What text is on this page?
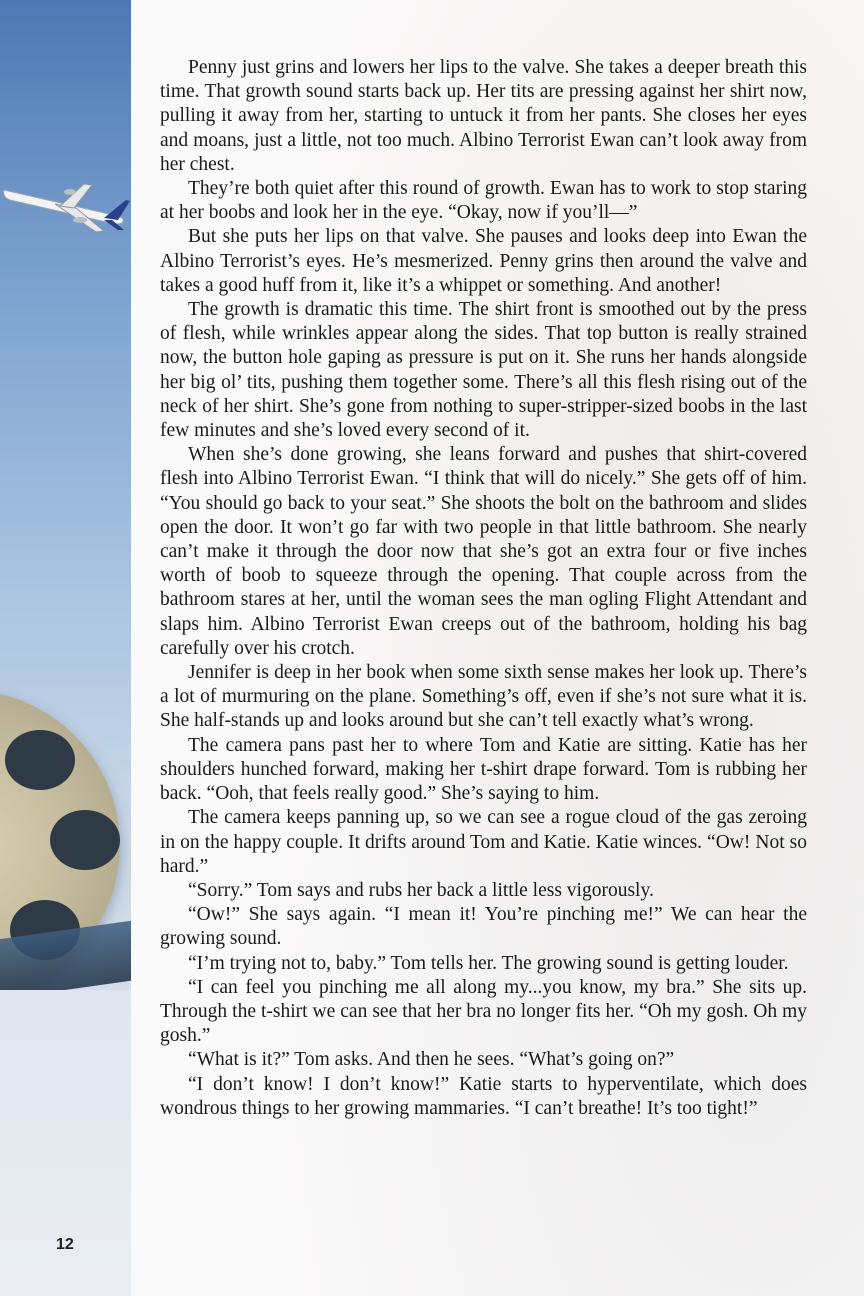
Penny just grins and lowers her lips to the valve. She takes a deeper breath this time. That growth sound starts back up. Her tits are pressing against her shirt now, pulling it away from her, starting to untuck it from her pants. She closes her eyes and moans, just a little, not too much. Albino Terrorist Ewan can’t look away from her chest.

They’re both quiet after this round of growth. Ewan has to work to stop staring at her boobs and look her in the eye. “Okay, now if you’ll—”

But she puts her lips on that valve. She pauses and looks deep into Ewan the Albino Terrorist’s eyes. He’s mesmerized. Penny grins then around the valve and takes a good huff from it, like it’s a whippet or something. And another!

The growth is dramatic this time. The shirt front is smoothed out by the press of flesh, while wrinkles appear along the sides. That top button is really strained now, the button hole gaping as pressure is put on it. She runs her hands alongside her big ol’ tits, pushing them together some. There’s all this flesh rising out of the neck of her shirt. She’s gone from nothing to super-stripper-sized boobs in the last few minutes and she’s loved every second of it.

When she’s done growing, she leans forward and pushes that shirt-covered flesh into Albino Terrorist Ewan. “I think that will do nicely.” She gets off of him. “You should go back to your seat.” She shoots the bolt on the bathroom and slides open the door. It won’t go far with two people in that little bathroom. She nearly can’t make it through the door now that she’s got an extra four or five inches worth of boob to squeeze through the opening. That couple across from the bathroom stares at her, until the woman sees the man ogling Flight Attendant and slaps him. Albino Terrorist Ewan creeps out of the bathroom, holding his bag carefully over his crotch.

Jennifer is deep in her book when some sixth sense makes her look up. There’s a lot of murmuring on the plane. Something’s off, even if she’s not sure what it is. She half-stands up and looks around but she can’t tell exactly what’s wrong.

The camera pans past her to where Tom and Katie are sitting. Katie has her shoulders hunched forward, making her t-shirt drape forward. Tom is rubbing her back. “Ooh, that feels really good.” She’s saying to him.

The camera keeps panning up, so we can see a rogue cloud of the gas zeroing in on the happy couple. It drifts around Tom and Katie. Katie winces. “Ow! Not so hard.”

“Sorry.” Tom says and rubs her back a little less vigorously.

“Ow!” She says again. “I mean it! You’re pinching me!” We can hear the growing sound.

“I’m trying not to, baby.” Tom tells her. The growing sound is getting louder.

“I can feel you pinching me all along my...you know, my bra.” She sits up. Through the t-shirt we can see that her bra no longer fits her. “Oh my gosh. Oh my gosh.”

“What is it?” Tom asks. And then he sees. “What’s going on?”

“I don’t know! I don’t know!” Katie starts to hyperventilate, which does wondrous things to her growing mammaries. “I can’t breathe! It’s too tight!”

12
